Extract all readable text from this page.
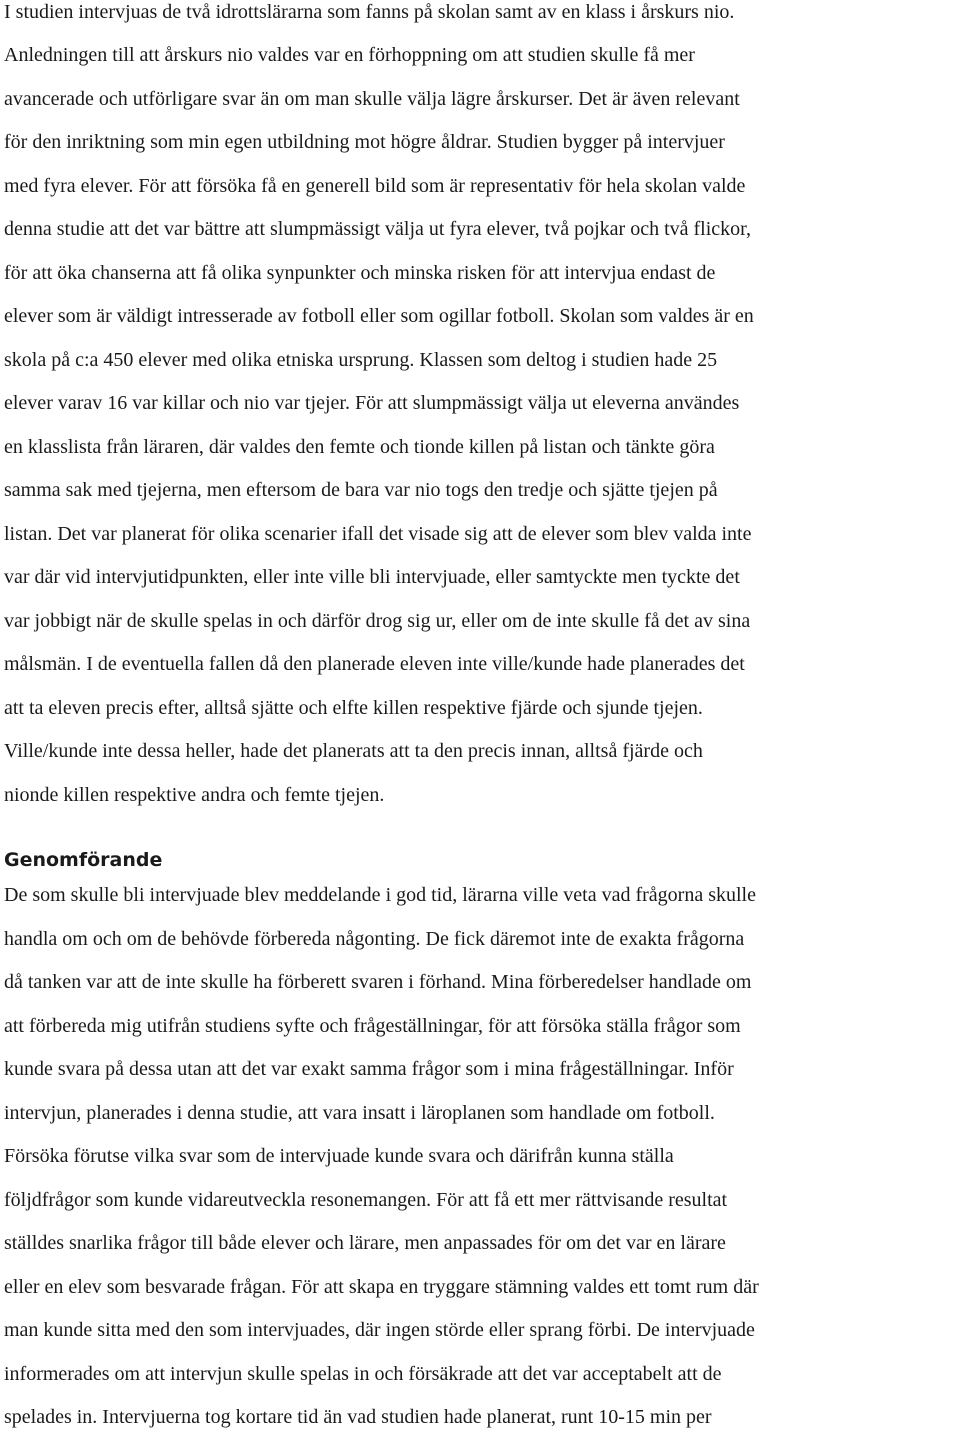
I studien intervjuas de två idrottslärarna som fanns på skolan samt av en klass i årskurs nio.
Anledningen till att årskurs nio valdes var en förhoppning om att studien skulle få mer
avancerade och utförligare svar än om man skulle välja lägre årskurser. Det är även relevant
för den inriktning som min egen utbildning mot högre åldrar. Studien bygger på intervjuer
med fyra elever. För att försöka få en generell bild som är representativ för hela skolan valde
denna studie att det var bättre att slumpmässigt välja ut fyra elever, två pojkar och två flickor,
för att öka chanserna att få olika synpunkter och minska risken för att intervjua endast de
elever som är väldigt intresserade av fotboll eller som ogillar fotboll. Skolan som valdes är en
skola på c:a 450 elever med olika etniska ursprung. Klassen som deltog i studien hade 25
elever varav 16 var killar och nio var tjejer. För att slumpmässigt välja ut eleverna användes
en klasslista från läraren, där valdes den femte och tionde killen på listan och tänkte göra
samma sak med tjejerna, men eftersom de bara var nio togs den tredje och sjätte tjejen på
listan. Det var planerat för olika scenarier ifall det visade sig att de elever som blev valda inte
var där vid intervjutidpunkten, eller inte ville bli intervjuade, eller samtyckte men tyckte det
var jobbigt när de skulle spelas in och därför drog sig ur, eller om de inte skulle få det av sina
målsmän. I de eventuella fallen då den planerade eleven inte ville/kunde hade planerades det
att ta eleven precis efter, alltså sjätte och elfte killen respektive fjärde och sjunde tjejen.
Ville/kunde inte dessa heller, hade det planerats att ta den precis innan, alltså fjärde och
nionde killen respektive andra och femte tjejen.
Genomförande
De som skulle bli intervjuade blev meddelande i god tid, lärarna ville veta vad frågorna skulle
handla om och om de behövde förbereda någonting. De fick däremot inte de exakta frågorna
då tanken var att de inte skulle ha förberett svaren i förhand. Mina förberedelser handlade om
att förbereda mig utifrån studiens syfte och frågeställningar, för att försöka ställa frågor som
kunde svara på dessa utan att det var exakt samma frågor som i mina frågeställningar. Inför
intervjun, planerades i denna studie, att vara insatt i läroplanen som handlade om fotboll.
Försöka förutse vilka svar som de intervjuade kunde svara och därifrån kunna ställa
följdfrågor som kunde vidareutveckla resonemangen. För att få ett mer rättvisande resultat
ställdes snarlika frågor till både elever och lärare, men anpassades för om det var en lärare
eller en elev som besvarade frågan. För att skapa en tryggare stämning valdes ett tomt rum där
man kunde sitta med den som intervjuades, där ingen störde eller sprang förbi. De intervjuade
informerades om att intervjun skulle spelas in och försäkrade att det var acceptabelt att de
spelades in. Intervjuerna tog kortare tid än vad studien hade planerat, runt 10-15 min per
